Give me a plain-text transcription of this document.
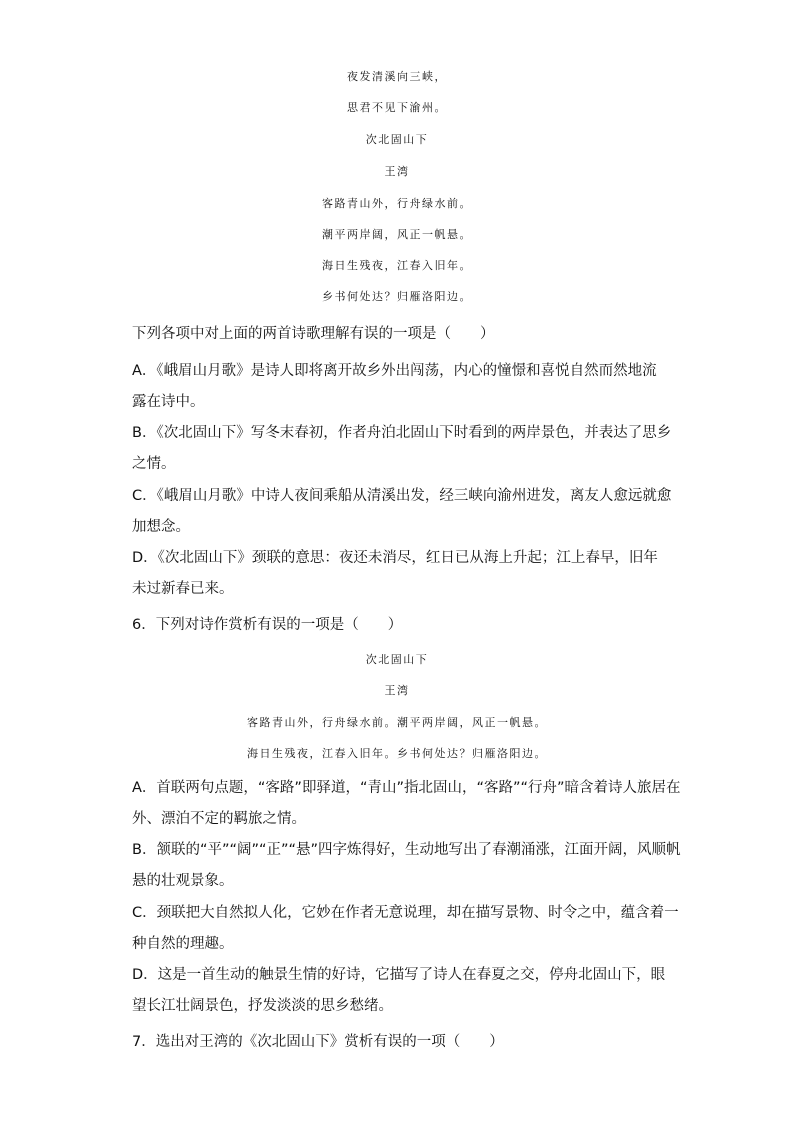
夜发清溪向三峡，
思君不见下渝州。
次北固山下
王湾
客路青山外，行舟绿水前。
潮平两岸阔，风正一帆悬。
海日生残夜，江春入旧年。
乡书何处达？归雁洛阳边。
下列各项中对上面的两首诗歌理解有误的一项是（　　）
A．《峨眉山月歌》是诗人即将离开故乡外出闯荡，内心的憧憬和喜悦自然而然地流
露在诗中。
B．《次北固山下》写冬末春初，作者舟泊北固山下时看到的两岸景色，并表达了思乡
之情。
C．《峨眉山月歌》中诗人夜间乘船从清溪出发，经三峡向渝州进发，离友人愈远就愈
加想念。
D．《次北固山下》颈联的意思：夜还未消尽，红日已从海上升起；江上春早，旧年
未过新春已来。
6．下列对诗作赏析有误的一项是（　　）
次北固山下
王湾
客路青山外，行舟绿水前。潮平两岸阔，风正一帆悬。
海日生残夜，江春入旧年。乡书何处达？归雁洛阳边。
A．首联两句点题，“客路”即驿道，“青山”指北固山，“客路”“行舟”暗含着诗人旅居在
外、漂泊不定的羁旅之情。
B．颔联的“平”“阔”“正”“悬”四字炼得好，生动地写出了春潮涌涨，江面开阔，风顺帆
悬的壮观景象。
C．颈联把大自然拟人化，它妙在作者无意说理，却在描写景物、时令之中，蕴含着一
种自然的理趣。
D．这是一首生动的触景生情的好诗，它描写了诗人在春夏之交，停舟北固山下，眼
望长江壮阔景色，抒发淡淡的思乡愁绪。
7．选出对王湾的《次北固山下》赏析有误的一项（　　）
